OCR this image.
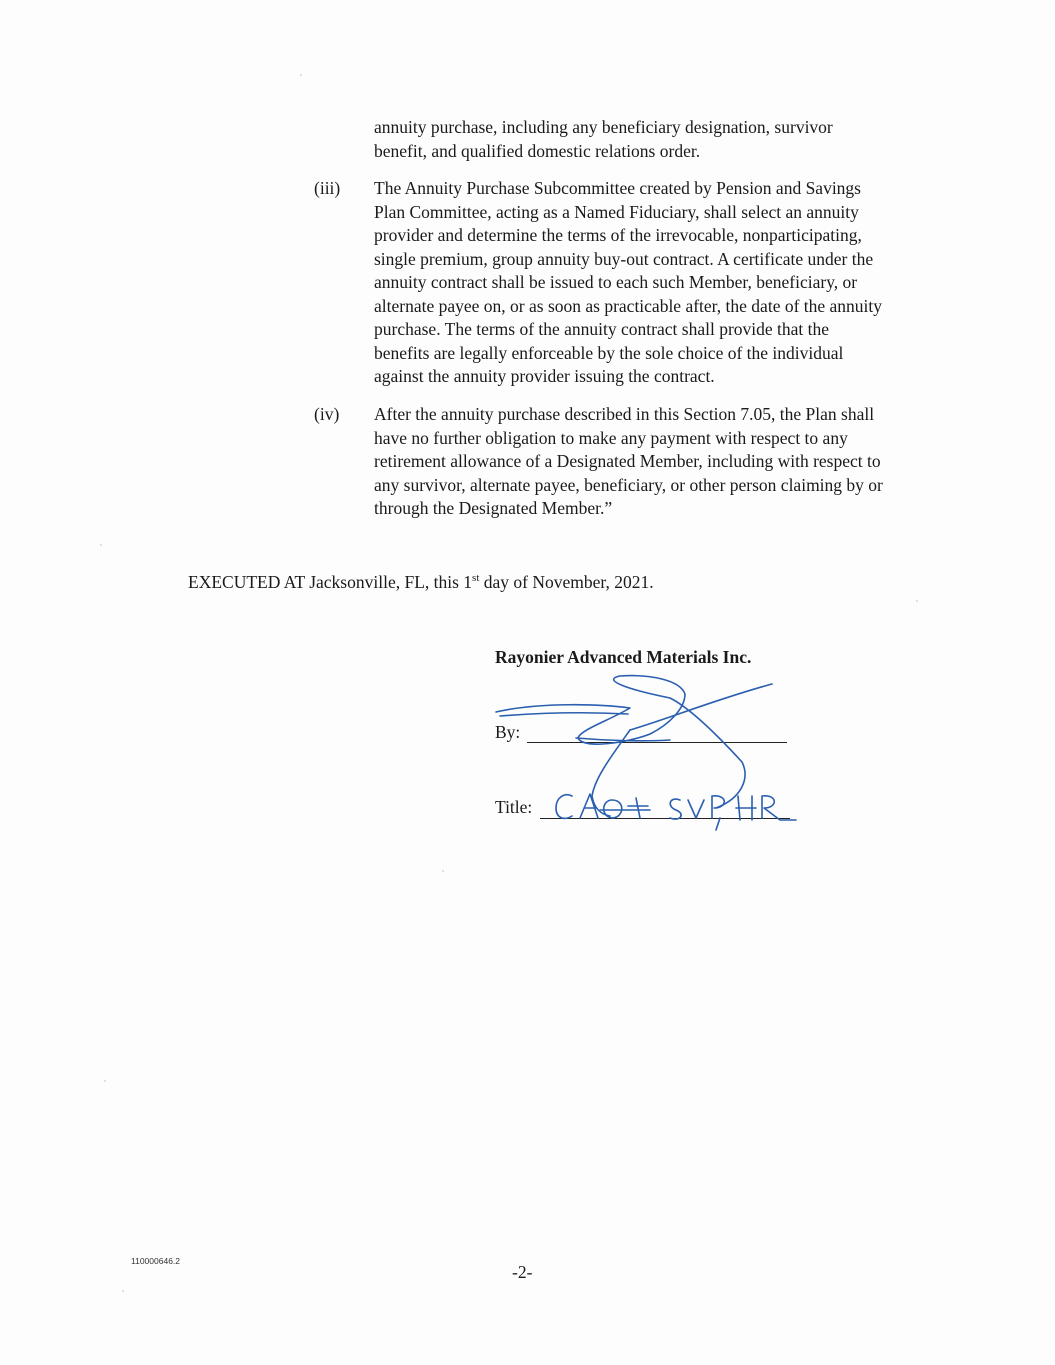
annuity purchase, including any beneficiary designation, survivor
benefit, and qualified domestic relations order.
(iii) The Annuity Purchase Subcommittee created by Pension and Savings
Plan Committee, acting as a Named Fiduciary, shall select an annuity
provider and determine the terms of the irrevocable, nonparticipating,
single premium, group annuity buy-out contract. A certificate under the
annuity contract shall be issued to each such Member, beneficiary, or
alternate payee on, or as soon as practicable after, the date of the annuity
purchase. The terms of the annuity contract shall provide that the
benefits are legally enforceable by the sole choice of the individual
against the annuity provider issuing the contract.
(iv) After the annuity purchase described in this Section 7.05, the Plan shall
have no further obligation to make any payment with respect to any
retirement allowance of a Designated Member, including with respect to
any survivor, alternate payee, beneficiary, or other person claiming by or
through the Designated Member.”
EXECUTED AT Jacksonville, FL, this 1st day of November, 2021.
Rayonier Advanced Materials Inc.
By:
Title:
110000646.2
-2-
